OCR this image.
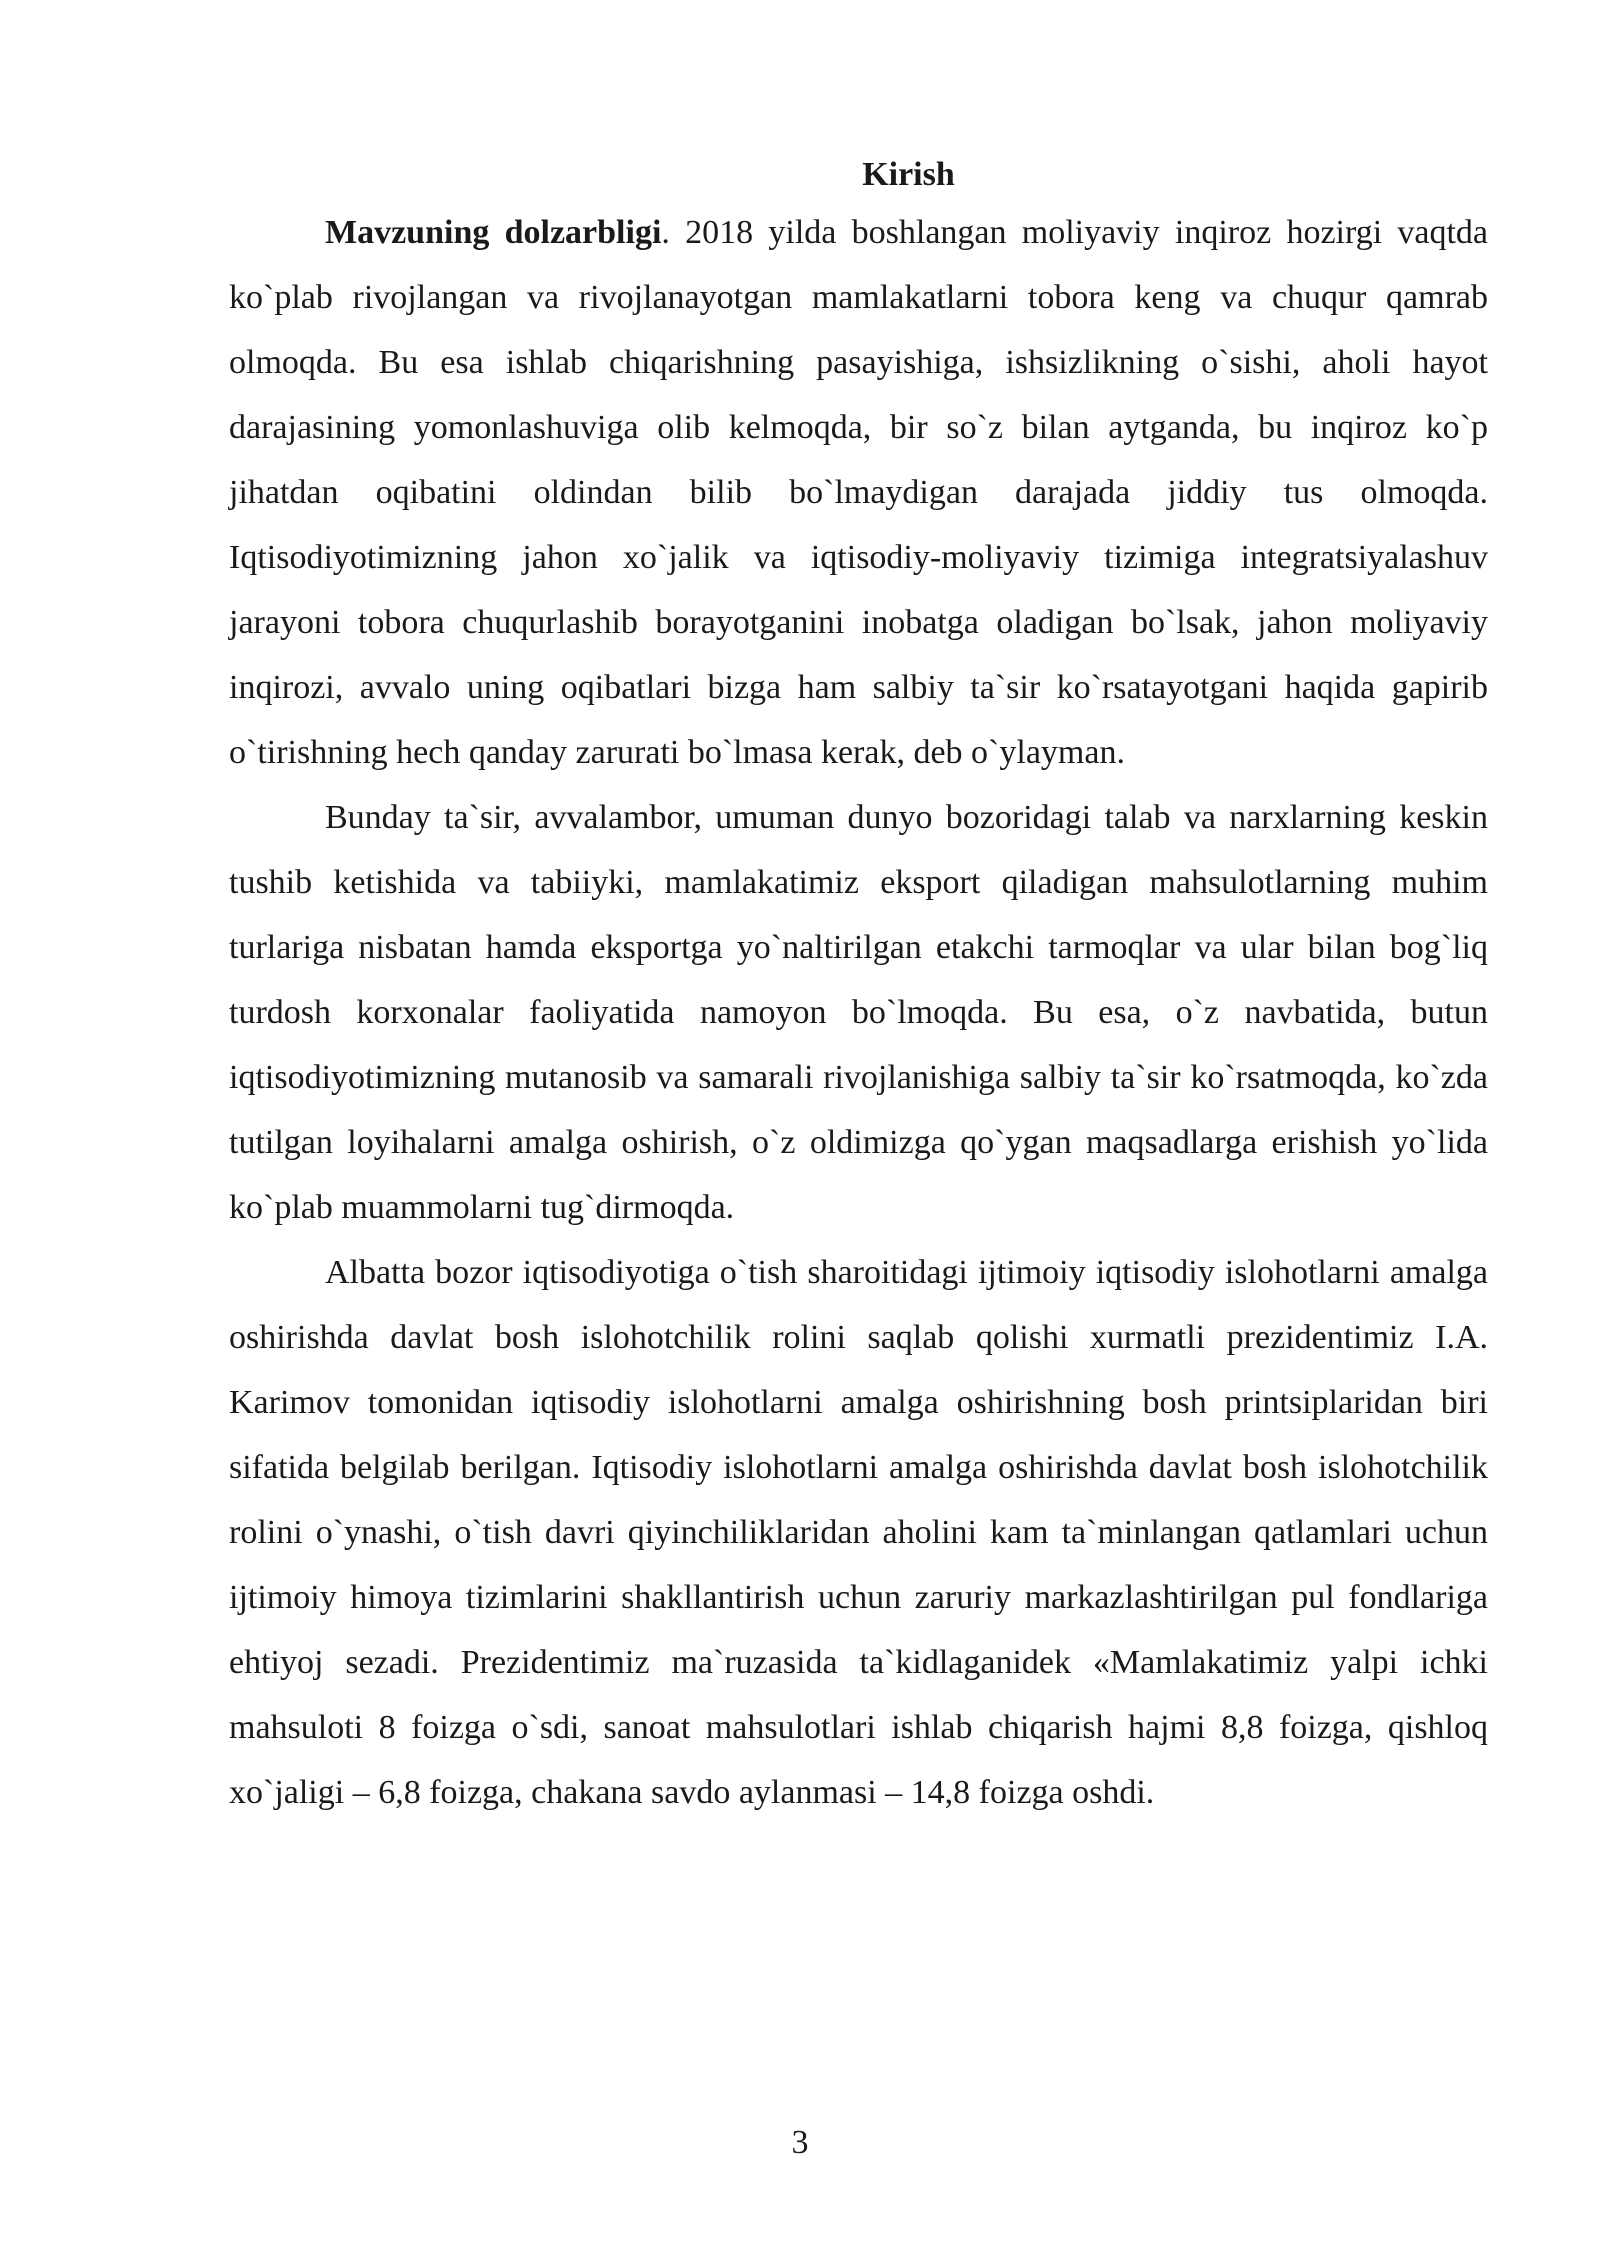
Kirish

Mavzuning dolzarbligi. 2018 yilda boshlangan moliyaviy inqiroz hozirgi vaqtda ko`plab rivojlangan va rivojlanayotgan mamlakatlarni tobora keng va chuqur qamrab olmoqda. Bu esa ishlab chiqarishning pasayishiga, ishsizlikning o`sishi, aholi hayot darajasining yomonlashuviga olib kelmoqda, bir so`z bilan aytganda, bu inqiroz ko`p jihatdan oqibatini oldindan bilib bo`lmaydigan darajada jiddiy tus olmoqda. Iqtisodiyotimizning jahon xo`jalik va iqtisodiy-moliyaviy tizimiga integratsiyalashuv jarayoni tobora chuqurlashib borayotganini inobatga oladigan bo`lsak, jahon moliyaviy inqirozi, avvalo uning oqibatlari bizga ham salbiy ta`sir ko`rsatayotgani haqida gapirib o`tirishning hech qanday zarurati bo`lmasa kerak, deb o`ylayman.

Bunday ta`sir, avvalambor, umuman dunyo bozoridagi talab va narxlarning keskin tushib ketishida va tabiiyki, mamlakatimiz eksport qiladigan mahsulotlarning muhim turlariga nisbatan hamda eksportga yo`naltirilgan etakchi tarmoqlar va ular bilan bog`liq turdosh korxonalar faoliyatida namoyon bo`lmoqda. Bu esa, o`z navbatida, butun iqtisodiyotimizning mutanosib va samarali rivojlanishiga salbiy ta`sir ko`rsatmoqda, ko`zda tutilgan loyihalarni amalga oshirish, o`z oldimizga qo`ygan maqsadlarga erishish yo`lida ko`plab muammolarni tug`dirmoqda.

Albatta bozor iqtisodiyotiga o`tish sharoitidagi ijtimoiy iqtisodiy islohotlarni amalga oshirishda davlat bosh islohotchilik rolini saqlab qolishi xurmatli prezidentimiz I.A. Karimov tomonidan iqtisodiy islohotlarni amalga oshirishning bosh printsiplaridan biri sifatida belgilab berilgan. Iqtisodiy islohotlarni amalga oshirishda davlat bosh islohotchilik rolini o`ynashi, o`tish davri qiyinchiliklaridan aholini kam ta`minlangan qatlamlari uchun ijtimoiy himoya tizimlarini shakllantirish uchun zaruriy markazlashtirilgan pul fondlariga ehtiyoj sezadi. Prezidentimiz ma`ruzasida ta`kidlaganidek «Mamlakatimiz yalpi ichki mahsuloti 8 foizga o`sdi, sanoat mahsulotlari ishlab chiqarish hajmi 8,8 foizga, qishloq xo`jaligi – 6,8 foizga, chakana savdo aylanmasi – 14,8 foizga oshdi.

3
